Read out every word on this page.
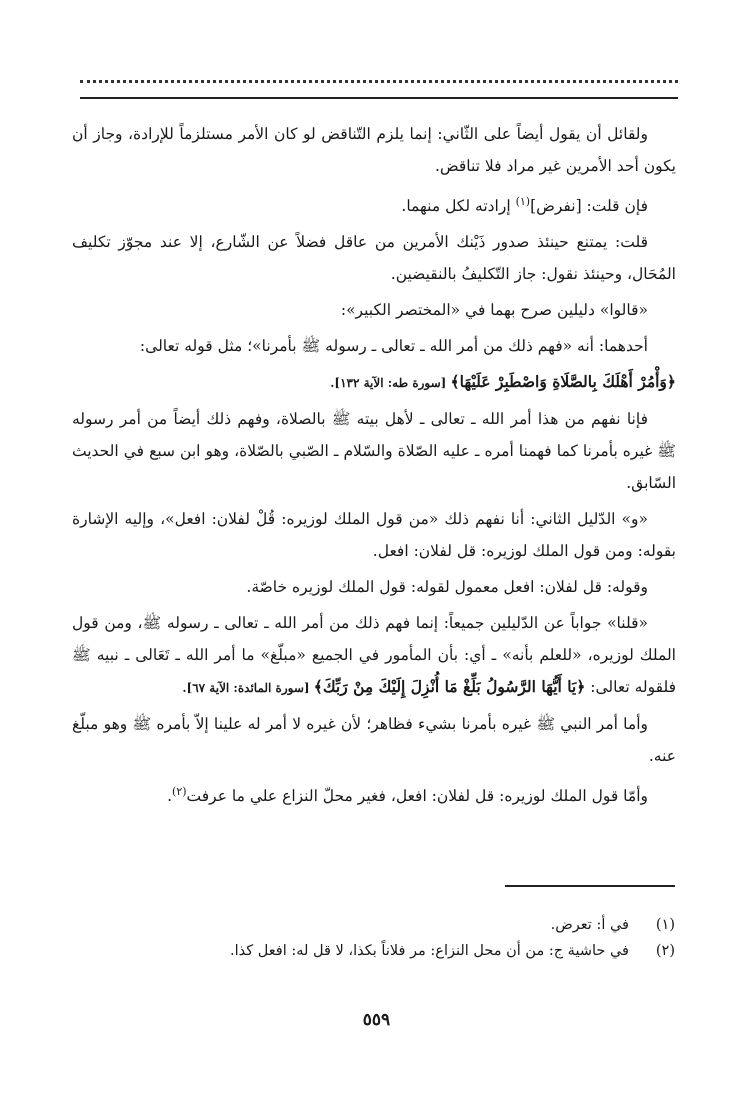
ولقائل أن يقول أيضاً على الثّاني: إنما يلزم التّناقض لو كان الأمر مستلزماً للإرادة، وجاز أن يكون أحد الأمرين غير مراد فلا تناقض.

فإن قلت: [نفرض]$^{(١)}$ إرادته لكل منهما.

قلت: يمتنع حينئذ صدور ذَيْنك الأمرين من عاقل فضلاً عن الشّارع، إلا عند مجوّز تكليف المُحَال، وحينئذ نقول: جاز التّكليفُ بالنقيضين.

«قالوا» دليلين صرح بهما في «المختصر الكبير»:

أحدهما: أنه «فهم ذلك من أمر الله ـ تعالى ـ رسوله ﷺ بأمرنا»؛ مثل قوله تعالى:

﴿وَأْمُرْ أَهْلَكَ بِالصَّلَاةِ وَاصْطَبِرْ عَلَيْهَا﴾ [سورة طه: الآية ١٣٢].

فإنا نفهم من هذا أمر الله ـ تعالى ـ لأهل بيته ﷺ بالصلاة، وفهم ذلك أيضاً من أمر رسوله ﷺ غيره بأمرنا كما فهمنا أمره ـ عليه الصّلاة والسّلام ـ الصّبي بالصّلاة، وهو ابن سبع في الحديث السّابق.

«و» الدّليل الثاني: أنا نفهم ذلك «من قول الملك لوزيره: قُلْ لفلان: افعل»، وإليه الإشارة بقوله: ومن قول الملك لوزيره: قل لفلان: افعل.

وقوله: قل لفلان: افعل معمول لقوله: قول الملك لوزيره خاصّة.

«قلنا» جواباً عن الدّليلين جميعاً: إنما فهم ذلك من أمر الله ـ تعالى ـ رسوله ﷺ، ومن قول الملك لوزيره، «للعلم بأنه» ـ أي: بأن المأمور في الجميع «مبلّغ» ما أمر الله ـ تَعَالى ـ نبيه ﷺ فلقوله تعالى: ﴿يَا أَيُّهَا الرَّسُولُ بَلِّغْ مَا أُنْزِلَ إِلَيْكَ مِنْ رَبِّكَ﴾ [سورة المائدة: الآية ٦٧].

وأما أمر النبي ﷺ غيره بأمرنا بشيء فظاهر؛ لأن غيره لا أمر له علينا إلاّ بأمره ﷺ وهو مبلّغ عنه.

وأمّا قول الملك لوزيره: قل لفلان: افعل، فغير محلّ النزاع علي ما عرفت$^{(٢)}$.

(١)
في أ: تعرض.
(٢)
في حاشية ج: من أن محل النزاع: مر فلاناً بكذا، لا قل له: افعل كذا.
٥٥٩
